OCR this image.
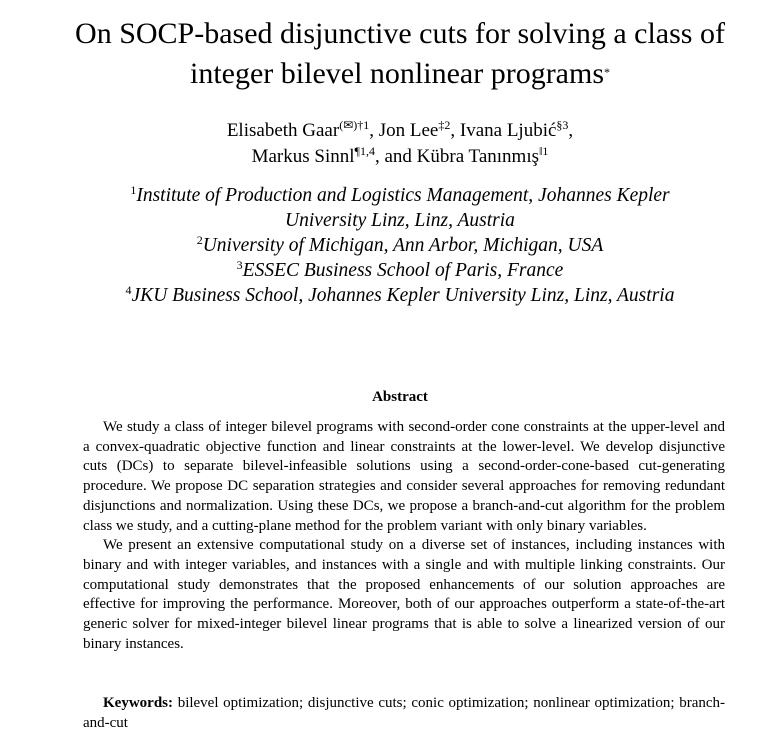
On SOCP-based disjunctive cuts for solving a class of
integer bilevel nonlinear programs*
Elisabeth Gaar$^{(✉)\dagger 1}$, Jon Lee$^{\ddagger 2}$, Ivana Ljubić$^{\S 3}$,
Markus Sinnl$^{\P 1,4}$, and Kübra Tanınmış$^{‖1}$
$^1$Institute of Production and Logistics Management, Johannes Kepler
University Linz, Linz, Austria
$^2$University of Michigan, Ann Arbor, Michigan, USA
$^3$ESSEC Business School of Paris, France
$^4$JKU Business School, Johannes Kepler University Linz, Linz, Austria
Abstract

We study a class of integer bilevel programs with second-order cone constraints at the upper-level and a convex-quadratic objective function and linear constraints at the lower-level. We develop disjunctive cuts (DCs) to separate bilevel-infeasible solutions using a second-order-cone-based cut-generating procedure. We propose DC separation strategies and consider several approaches for removing redundant disjunctions and normalization. Using these DCs, we propose a branch-and-cut algorithm for the problem class we study, and a cutting-plane method for the problem variant with only binary variables.

We present an extensive computational study on a diverse set of instances, including instances with binary and with integer variables, and instances with a single and with multiple linking constraints. Our computational study demonstrates that the proposed enhancements of our solution approaches are effective for improving the performance. Moreover, both of our approaches outperform a state-of-the-art generic solver for mixed-integer bilevel linear programs that is able to solve a linearized version of our binary instances.

Keywords: bilevel optimization; disjunctive cuts; conic optimization; nonlinear optimization; branch-and-cut
